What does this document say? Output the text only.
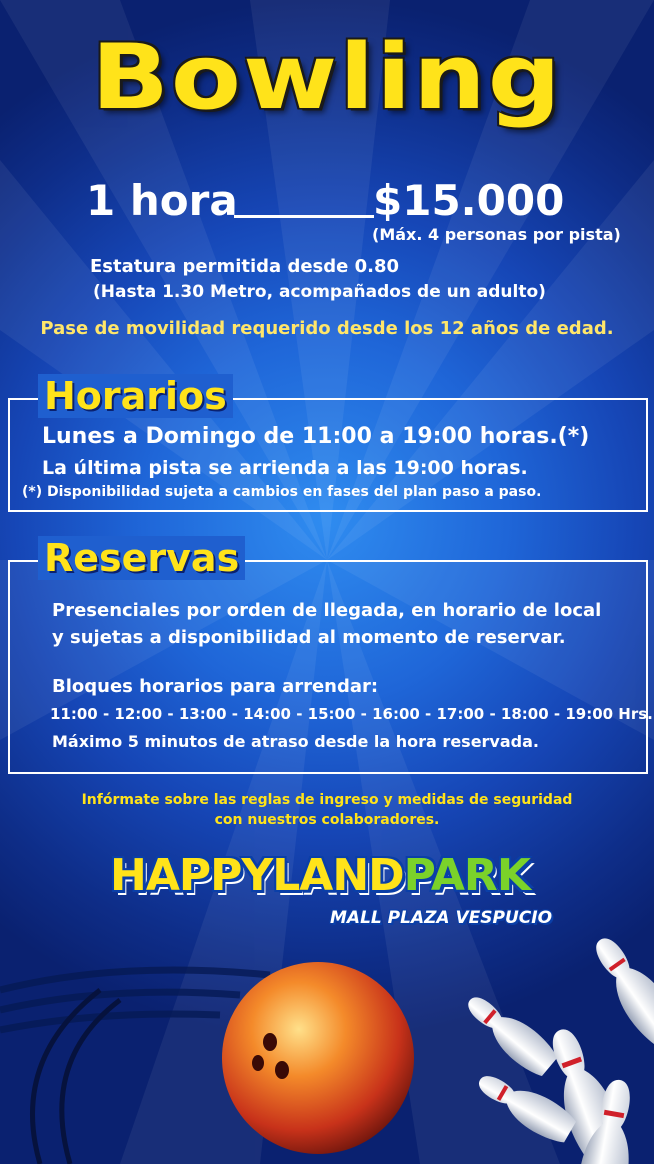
Bowling
1 hora	$15.000
(Máx. 4 personas por pista)
Estatura permitida desde 0.80
(Hasta 1.30 Metro, acompañados de un adulto)
Pase de movilidad requerido desde los 12 años de edad.
Horarios
Lunes a Domingo de 11:00 a 19:00 horas.(*)
La última pista se arrienda a las 19:00 horas.
(*) Disponibilidad sujeta a cambios en fases del plan paso a paso.
Reservas
Presenciales por orden de llegada, en horario de local
y sujetas a disponibilidad al momento de reservar.
Bloques horarios para arrendar:
11:00 - 12:00 - 13:00 - 14:00 - 15:00 - 16:00 - 17:00 - 18:00 - 19:00 Hrs.
Máximo 5 minutos de atraso desde la hora reservada.
Infórmate sobre las reglas de ingreso y medidas de seguridad
con nuestros colaboradores.
HAPPYLANDPARK
MALL PLAZA VESPUCIO
